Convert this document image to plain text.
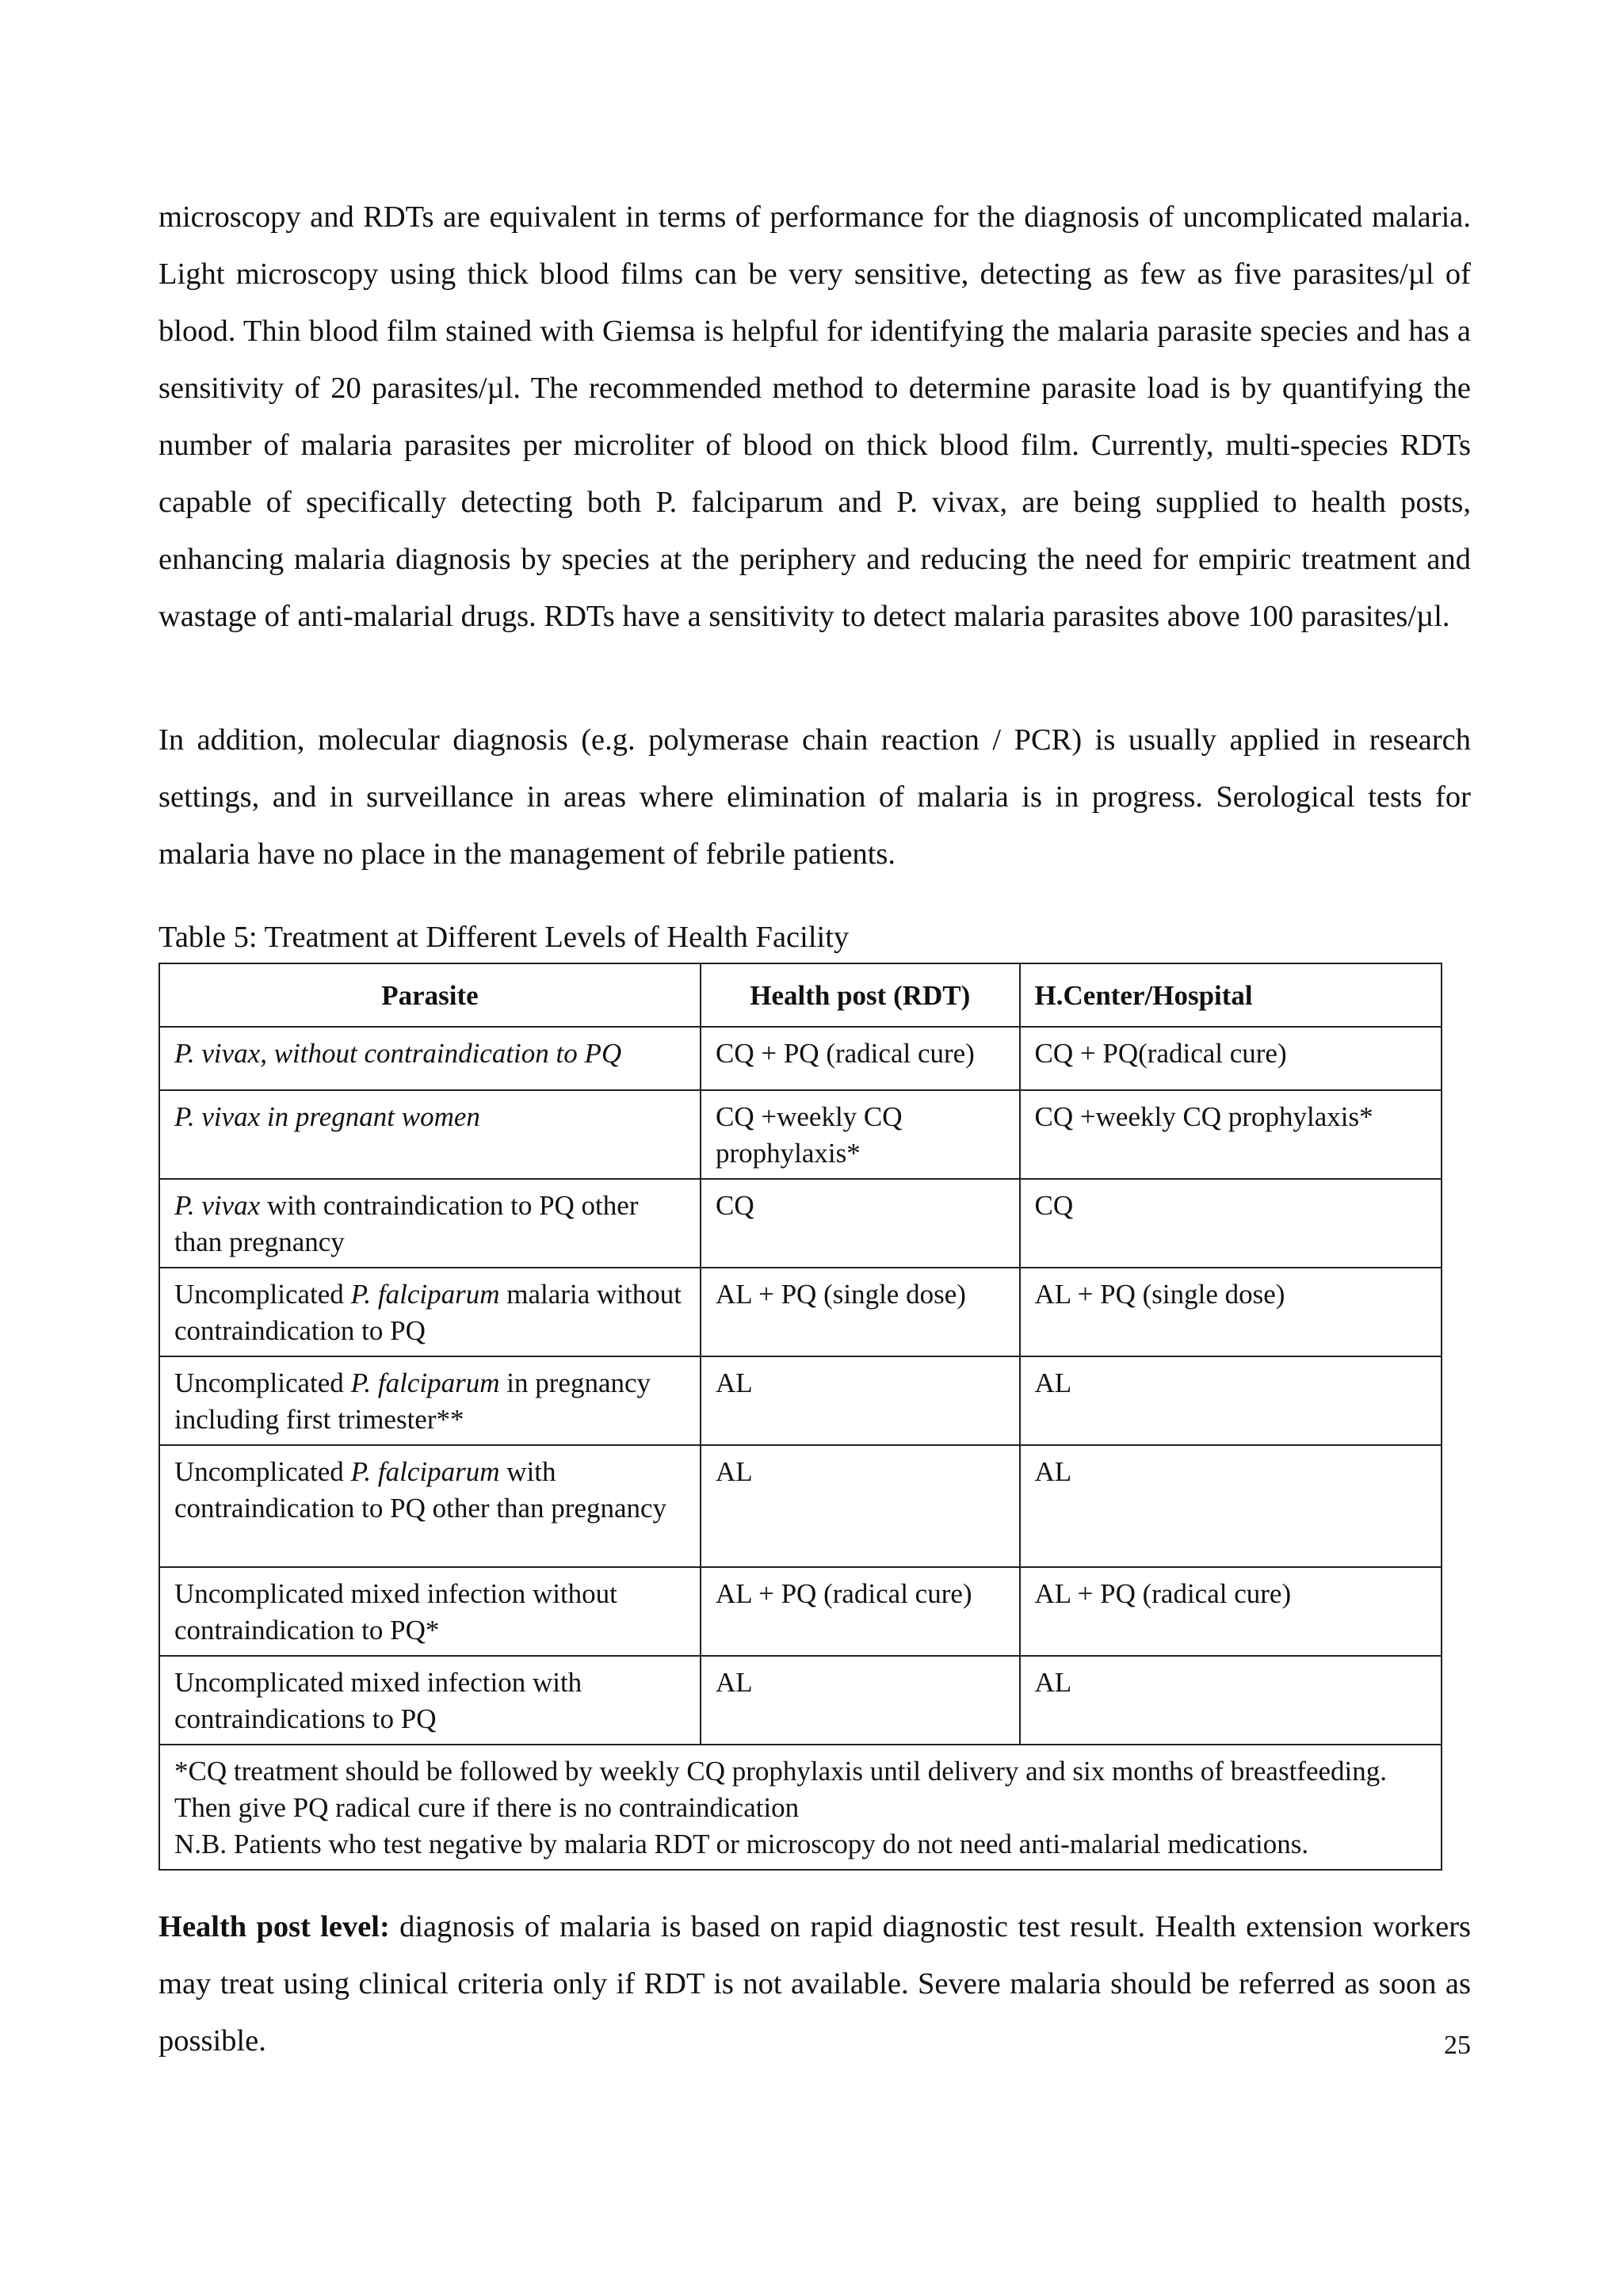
microscopy and RDTs are equivalent in terms of performance for the diagnosis of uncomplicated malaria. Light microscopy using thick blood films can be very sensitive, detecting as few as five parasites/µl of blood. Thin blood film stained with Giemsa is helpful for identifying the malaria parasite species and has a sensitivity of 20 parasites/µl. The recommended method to determine parasite load is by quantifying the number of malaria parasites per microliter of blood on thick blood film. Currently, multi-species RDTs capable of specifically detecting both P. falciparum and P. vivax, are being supplied to health posts, enhancing malaria diagnosis by species at the periphery and reducing the need for empiric treatment and wastage of anti-malarial drugs. RDTs have a sensitivity to detect malaria parasites above 100 parasites/µl.

In addition, molecular diagnosis (e.g. polymerase chain reaction / PCR) is usually applied in research settings, and in surveillance in areas where elimination of malaria is in progress. Serological tests for malaria have no place in the management of febrile patients.

Table 5: Treatment at Different Levels of Health Facility

Parasite	Health post (RDT)	H.Center/Hospital
P. vivax, without contraindication to PQ	CQ + PQ (radical cure)	CQ + PQ(radical cure)
P. vivax in pregnant women	CQ +weekly CQ prophylaxis*	CQ +weekly CQ prophylaxis*
P. vivax with contraindication to PQ other than pregnancy	CQ	CQ
Uncomplicated P. falciparum malaria without contraindication to PQ	AL + PQ (single dose)	AL + PQ (single dose)
Uncomplicated P. falciparum in pregnancy including first trimester**	AL	AL
Uncomplicated P. falciparum with contraindication to PQ other than pregnancy	AL	AL
Uncomplicated mixed infection without contraindication to PQ*	AL + PQ (radical cure)	AL + PQ (radical cure)
Uncomplicated mixed infection with contraindications to PQ	AL	AL

*CQ treatment should be followed by weekly CQ prophylaxis until delivery and six months of breastfeeding. Then give PQ radical cure if there is no contraindication
N.B. Patients who test negative by malaria RDT or microscopy do not need anti-malarial medications.		

Health post level: diagnosis of malaria is based on rapid diagnostic test result. Health extension workers may treat using clinical criteria only if RDT is not available. Severe malaria should be referred as soon as possible.	25
